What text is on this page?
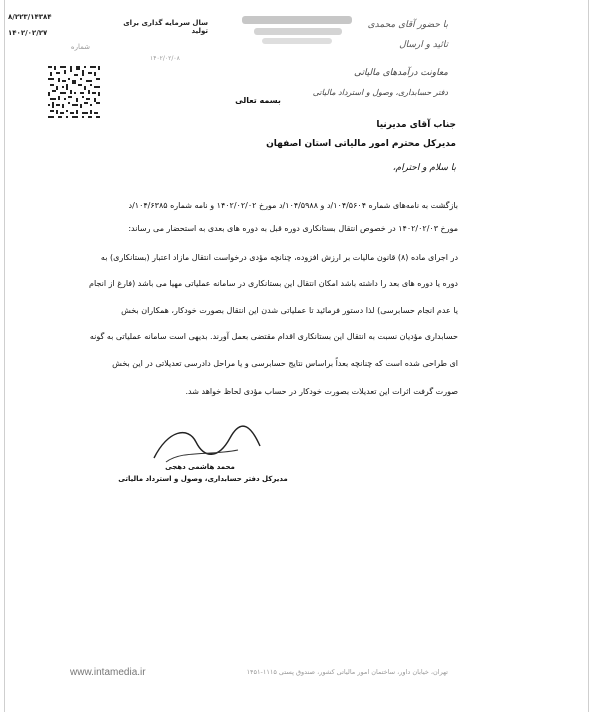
۸/۲۲۳/۱۴۳۸۴
۱۴۰۲/۰۲/۲۷
شماره
سال سرمایه گذاری برای تولید
۱۴۰۲/۰۲/۰۸
با حضور آقای محمدی
تائید و ارسال
معاونت درآمدهای مالیاتی
دفتر حسابداری، وصول و استرداد مالیاتی
بسمه تعالی
جناب آقای مدیرنیا
مدیرکل محترم امور مالیاتی استان اصفهان
با سلام و احترام،
بازگشت به نامه‌های شماره ۱۰۴/۵۶۰۴/د و ۱۰۴/۵۹۸۸/د مورخ ۱۴۰۲/۰۲/۰۲ و نامه شماره ۱۰۴/۶۳۸۵/د
مورخ ۱۴۰۲/۰۲/۰۳ در خصوص انتقال بستانکاری دوره قبل به دوره های بعدی به استحضار می رساند:
در اجرای ماده (۸) قانون مالیات بر ارزش افزوده، چنانچه مؤدی درخواست انتقال مازاد اعتبار (بستانکاری) به
دوره یا دوره های بعد را داشته باشد امکان انتقال این بستانکاری در سامانه عملیاتی مهیا می باشد (فارغ از انجام
یا عدم انجام حسابرسی) لذا دستور فرمائید تا عملیاتی شدن این انتقال بصورت خودکار، همکاران بخش
حسابداری مؤدیان نسبت به انتقال این بستانکاری اقدام مقتضی بعمل آورند. بدیهی است سامانه عملیاتی به گونه
ای طراحی شده است که چنانچه بعداً براساس نتایج حسابرسی و یا مراحل دادرسی تعدیلاتی در این بخش
صورت گرفت اثرات این تعدیلات بصورت خودکار در حساب مؤدی لحاظ خواهد شد.
محمد هاشمی دهجی
مدیرکل دفتر حسابداری، وصول و استرداد مالیاتی
www.intamedia.ir	تهران، خیابان داور، ساختمان امور مالیاتی کشور، صندوق پستی ۱۱۱۵-۱۴۵۱
